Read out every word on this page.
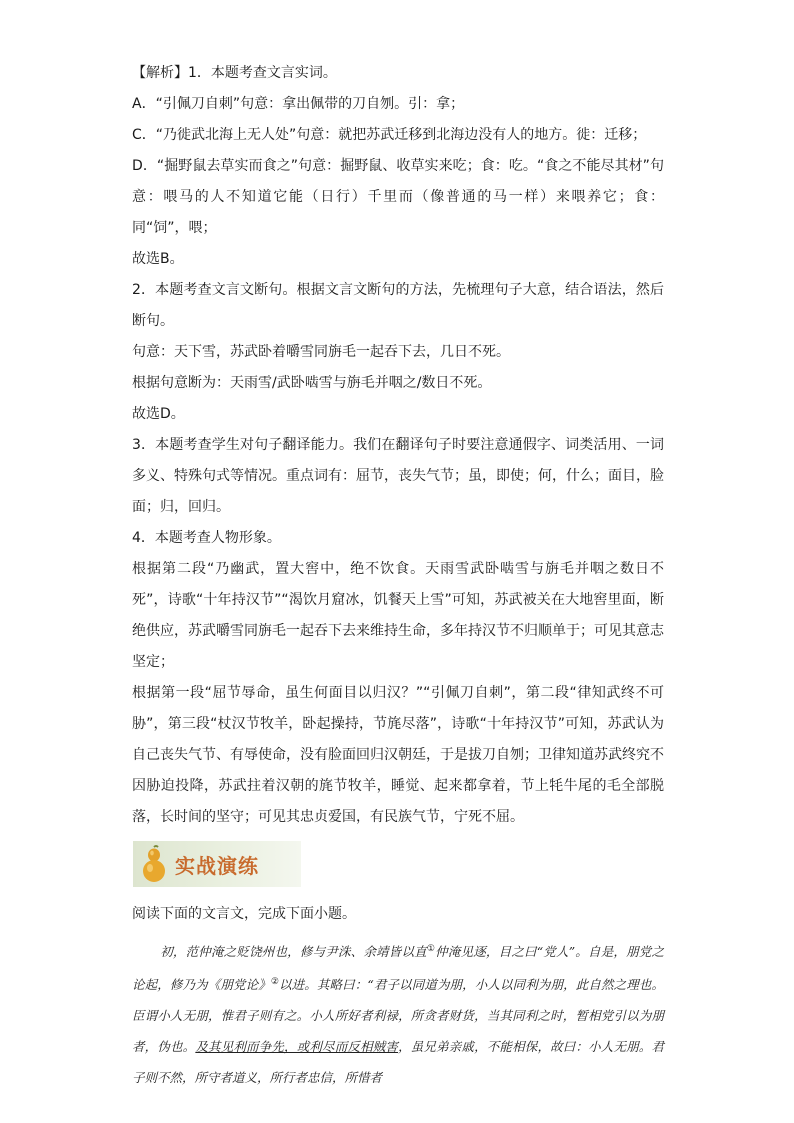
【解析】1．本题考查文言实词。

A．“引佩刀自刺”句意：拿出佩带的刀自刎。引：拿；

C．“乃徙武北海上无人处”句意：就把苏武迁移到北海边没有人的地方。徙：迁移；

D．“掘野鼠去草实而食之”句意：掘野鼠、收草实来吃；食：吃。“食之不能尽其材”句意：喂马的人不知道它能（日行）千里而（像普通的马一样）来喂养它；食：同“饲”，喂；

故选B。

2．本题考查文言文断句。根据文言文断句的方法，先梳理句子大意，结合语法，然后断句。

句意：天下雪，苏武卧着嚼雪同旃毛一起吞下去，几日不死。

根据句意断为：天雨雪/武卧啮雪与旃毛并咽之/数日不死。

故选D。

3．本题考查学生对句子翻译能力。我们在翻译句子时要注意通假字、词类活用、一词多义、特殊句式等情况。重点词有：屈节，丧失气节；虽，即使；何，什么；面目，脸面；归，回归。

4．本题考查人物形象。

根据第二段“乃幽武，置大窖中，绝不饮食。天雨雪武卧啮雪与旃毛并咽之数日不死”，诗歌“十年持汉节”“渴饮月窟冰，饥餐天上雪”可知，苏武被关在大地窖里面，断绝供应，苏武嚼雪同旃毛一起吞下去来维持生命，多年持汉节不归顺单于；可见其意志坚定；

根据第一段“屈节辱命，虽生何面目以归汉？”“引佩刀自刺”，第二段“律知武终不可胁”，第三段“杖汉节牧羊，卧起操持，节旄尽落”，诗歌“十年持汉节”可知，苏武认为自己丧失气节、有辱使命，没有脸面回归汉朝廷，于是拔刀自刎；卫律知道苏武终究不因胁迫投降，苏武拄着汉朝的旄节牧羊，睡觉、起来都拿着，节上牦牛尾的毛全部脱落，长时间的坚守；可见其忠贞爱国，有民族气节，宁死不屈。

实战演练

阅读下面的文言文，完成下面小题。

初，范仲淹之贬饶州也，修与尹洙、余靖皆以直①仲淹见逐，目之曰“党人”。自是，朋党之论起，修乃为《朋党论》②以进。其略曰：“君子以同道为朋，小人以同利为朋，此自然之理也。臣谓小人无朋，惟君子则有之。小人所好者利禄，所贪者财货，当其同利之时，暂相党引以为朋者，伪也。及其见利而争先，或利尽而反相贼害，虽兄弟亲戚，不能相保，故曰：小人无朋。君子则不然，所守者道义，所行者忠信，所惜者
